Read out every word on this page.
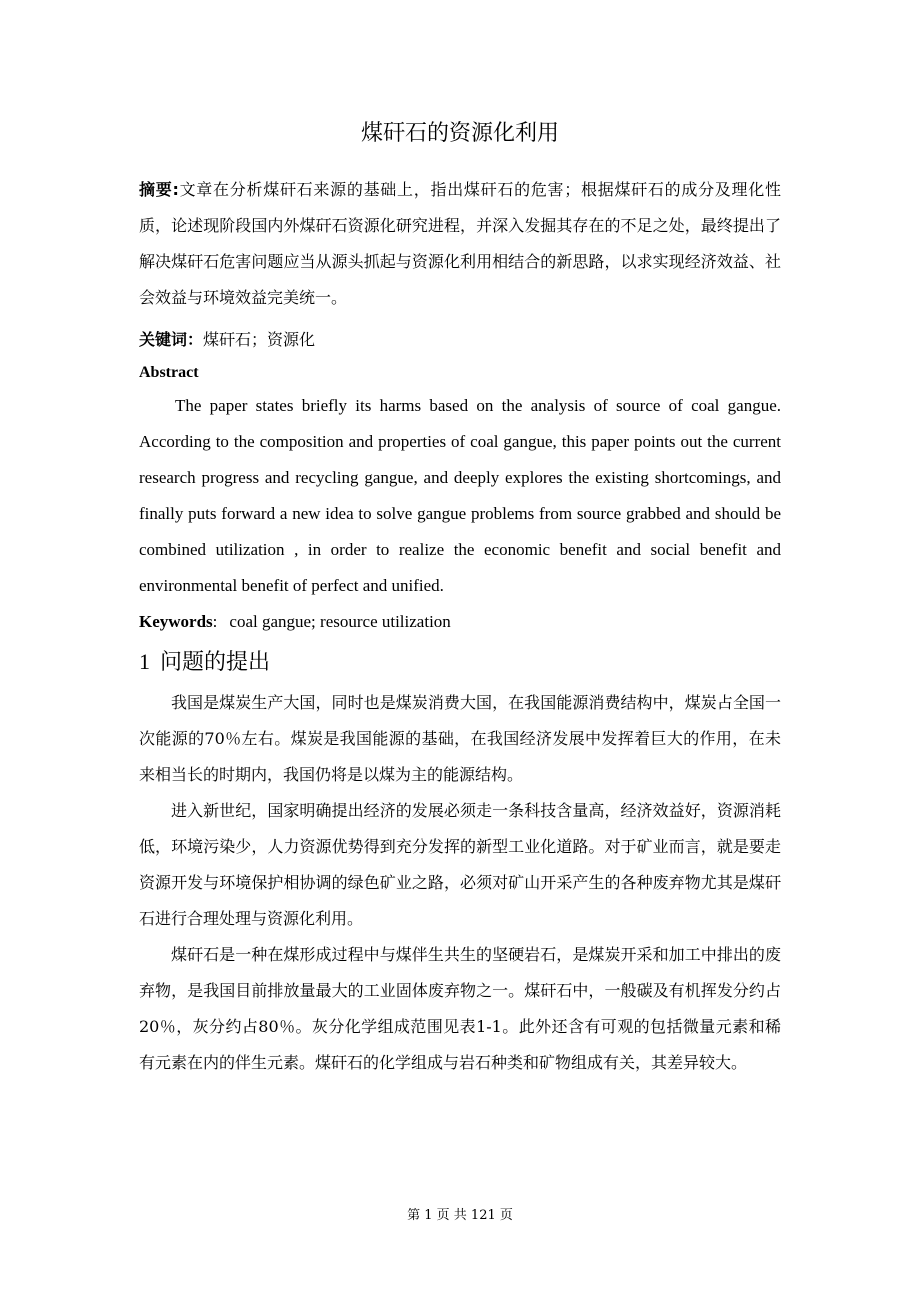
煤矸石的资源化利用

摘要:文章在分析煤矸石来源的基础上，指出煤矸石的危害；根据煤矸石的成分及理化性质，论述现阶段国内外煤矸石资源化研究进程，并深入发掘其存在的不足之处，最终提出了解决煤矸石危害问题应当从源头抓起与资源化利用相结合的新思路，以求实现经济效益、社会效益与环境效益完美统一。

关键词：煤矸石；资源化

Abstract

The paper states briefly its harms based on the analysis of source of coal gangue. According to the composition and properties of coal gangue, this paper points out the current research progress and recycling gangue, and deeply explores the existing shortcomings, and finally puts forward a new idea to solve gangue problems from source grabbed and should be combined utilization , in order to realize the economic benefit and social benefit and environmental benefit of perfect and unified.

Keywords: coal gangue; resource utilization

1 问题的提出

我国是煤炭生产大国，同时也是煤炭消费大国，在我国能源消费结构中，煤炭占全国一次能源的70％左右。煤炭是我国能源的基础，在我国经济发展中发挥着巨大的作用，在未来相当长的时期内，我国仍将是以煤为主的能源结构。

进入新世纪，国家明确提出经济的发展必须走一条科技含量高，经济效益好，资源消耗低，环境污染少，人力资源优势得到充分发挥的新型工业化道路。对于矿业而言，就是要走资源开发与环境保护相协调的绿色矿业之路，必须对矿山开采产生的各种废弃物尤其是煤矸石进行合理处理与资源化利用。

煤矸石是一种在煤形成过程中与煤伴生共生的坚硬岩石，是煤炭开采和加工中排出的废弃物，是我国目前排放量最大的工业固体废弃物之一。煤矸石中，一般碳及有机挥发分约占20％，灰分约占80％。灰分化学组成范围见表1-1。此外还含有可观的包括微量元素和稀有元素在内的伴生元素。煤矸石的化学组成与岩石种类和矿物组成有关，其差异较大。

第 1 页 共 121 页
